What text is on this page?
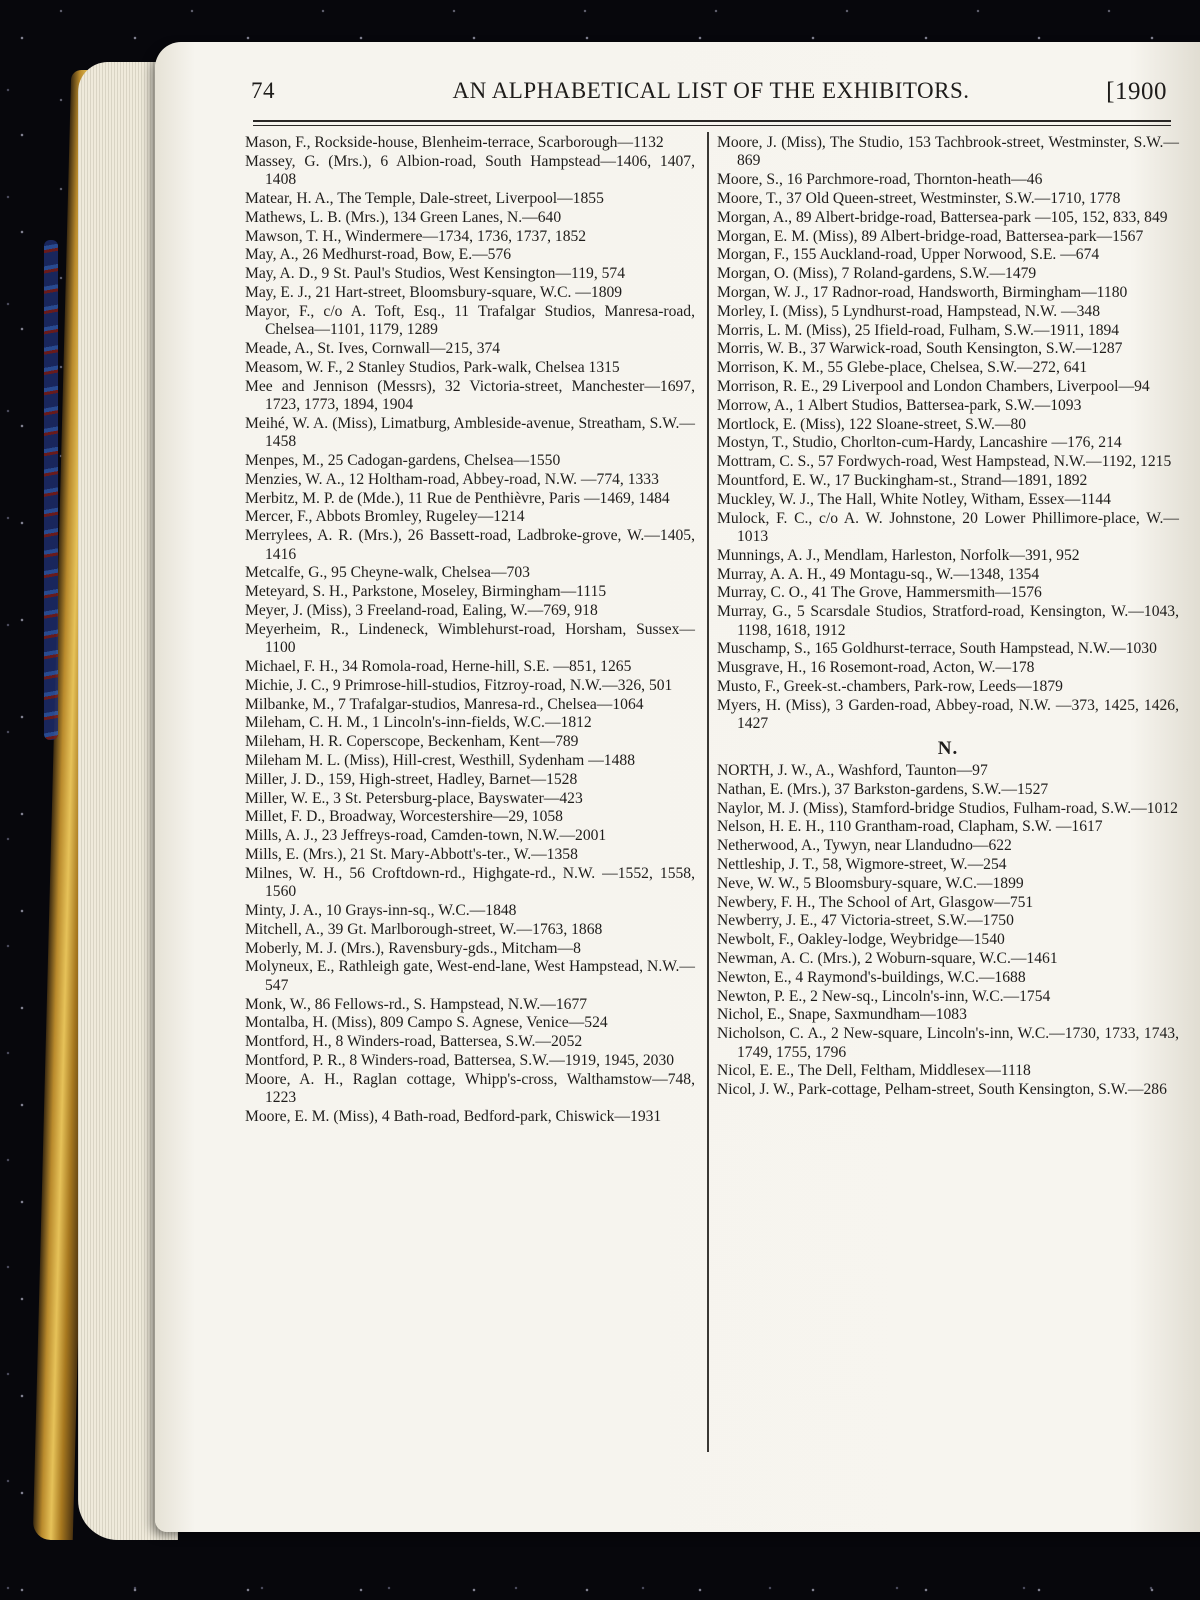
74	AN ALPHABETICAL LIST OF THE EXHIBITORS.	[1900

Mason, F., Rockside-house, Blenheim-terrace, Scarborough—1132

Massey, G. (Mrs.), 6 Albion-road, South Hampstead—1406, 1407, 1408

Matear, H. A., The Temple, Dale-street, Liverpool—1855

Mathews, L. B. (Mrs.), 134 Green Lanes, N.—640

Mawson, T. H., Windermere—1734, 1736, 1737, 1852

May, A., 26 Medhurst-road, Bow, E.—576

May, A. D., 9 St. Paul's Studios, West Kensington—119, 574

May, E. J., 21 Hart-street, Bloomsbury-square, W.C. —1809

Mayor, F., c/o A. Toft, Esq., 11 Trafalgar Studios, Manresa-road, Chelsea—1101, 1179, 1289

Meade, A., St. Ives, Cornwall—215, 374

Measom, W. F., 2 Stanley Studios, Park-walk, Chelsea 1315

Mee and Jennison (Messrs), 32 Victoria-street, Manchester—1697, 1723, 1773, 1894, 1904

Meihé, W. A. (Miss), Limatburg, Ambleside-avenue, Streatham, S.W.—1458

Menpes, M., 25 Cadogan-gardens, Chelsea—1550

Menzies, W. A., 12 Holtham-road, Abbey-road, N.W. —774, 1333

Merbitz, M. P. de (Mde.), 11 Rue de Penthièvre, Paris —1469, 1484

Mercer, F., Abbots Bromley, Rugeley—1214

Merrylees, A. R. (Mrs.), 26 Bassett-road, Ladbroke-grove, W.—1405, 1416

Metcalfe, G., 95 Cheyne-walk, Chelsea—703

Meteyard, S. H., Parkstone, Moseley, Birmingham—1115

Meyer, J. (Miss), 3 Freeland-road, Ealing, W.—769, 918

Meyerheim, R., Lindeneck, Wimblehurst-road, Horsham, Sussex—1100

Michael, F. H., 34 Romola-road, Herne-hill, S.E. —851, 1265

Michie, J. C., 9 Primrose-hill-studios, Fitzroy-road, N.W.—326, 501

Milbanke, M., 7 Trafalgar-studios, Manresa-rd., Chelsea—1064

Mileham, C. H. M., 1 Lincoln's-inn-fields, W.C.—1812

Mileham, H. R. Coperscope, Beckenham, Kent—789

Mileham M. L. (Miss), Hill-crest, Westhill, Sydenham —1488

Miller, J. D., 159, High-street, Hadley, Barnet—1528

Miller, W. E., 3 St. Petersburg-place, Bayswater—423

Millet, F. D., Broadway, Worcestershire—29, 1058

Mills, A. J., 23 Jeffreys-road, Camden-town, N.W.—2001

Mills, E. (Mrs.), 21 St. Mary-Abbott's-ter., W.—1358

Milnes, W. H., 56 Croftdown-rd., Highgate-rd., N.W. —1552, 1558, 1560

Minty, J. A., 10 Grays-inn-sq., W.C.—1848

Mitchell, A., 39 Gt. Marlborough-street, W.—1763, 1868

Moberly, M. J. (Mrs.), Ravensbury-gds., Mitcham—8

Molyneux, E., Rathleigh gate, West-end-lane, West Hampstead, N.W.—547

Monk, W., 86 Fellows-rd., S. Hampstead, N.W.—1677

Montalba, H. (Miss), 809 Campo S. Agnese, Venice—524

Montford, H., 8 Winders-road, Battersea, S.W.—2052

Montford, P. R., 8 Winders-road, Battersea, S.W.—1919, 1945, 2030

Moore, A. H., Raglan cottage, Whipp's-cross, Walthamstow—748, 1223

Moore, E. M. (Miss), 4 Bath-road, Bedford-park, Chiswick—1931

Moore, J. (Miss), The Studio, 153 Tachbrook-street, Westminster, S.W.—869

Moore, S., 16 Parchmore-road, Thornton-heath—46

Moore, T., 37 Old Queen-street, Westminster, S.W.—1710, 1778

Morgan, A., 89 Albert-bridge-road, Battersea-park —105, 152, 833, 849

Morgan, E. M. (Miss), 89 Albert-bridge-road, Battersea-park—1567

Morgan, F., 155 Auckland-road, Upper Norwood, S.E. —674

Morgan, O. (Miss), 7 Roland-gardens, S.W.—1479

Morgan, W. J., 17 Radnor-road, Handsworth, Birmingham—1180

Morley, I. (Miss), 5 Lyndhurst-road, Hampstead, N.W. —348

Morris, L. M. (Miss), 25 Ifield-road, Fulham, S.W.—1911, 1894

Morris, W. B., 37 Warwick-road, South Kensington, S.W.—1287

Morrison, K. M., 55 Glebe-place, Chelsea, S.W.—272, 641

Morrison, R. E., 29 Liverpool and London Chambers, Liverpool—94

Morrow, A., 1 Albert Studios, Battersea-park, S.W.—1093

Mortlock, E. (Miss), 122 Sloane-street, S.W.—80

Mostyn, T., Studio, Chorlton-cum-Hardy, Lancashire —176, 214

Mottram, C. S., 57 Fordwych-road, West Hampstead, N.W.—1192, 1215

Mountford, E. W., 17 Buckingham-st., Strand—1891, 1892

Muckley, W. J., The Hall, White Notley, Witham, Essex—1144

Mulock, F. C., c/o A. W. Johnstone, 20 Lower Phillimore-place, W.—1013

Munnings, A. J., Mendlam, Harleston, Norfolk—391, 952

Murray, A. A. H., 49 Montagu-sq., W.—1348, 1354

Murray, C. O., 41 The Grove, Hammersmith—1576

Murray, G., 5 Scarsdale Studios, Stratford-road, Kensington, W.—1043, 1198, 1618, 1912

Muschamp, S., 165 Goldhurst-terrace, South Hampstead, N.W.—1030

Musgrave, H., 16 Rosemont-road, Acton, W.—178

Musto, F., Greek-st.-chambers, Park-row, Leeds—1879

Myers, H. (Miss), 3 Garden-road, Abbey-road, N.W. —373, 1425, 1426, 1427

N.

NORTH, J. W., A., Washford, Taunton—97

Nathan, E. (Mrs.), 37 Barkston-gardens, S.W.—1527

Naylor, M. J. (Miss), Stamford-bridge Studios, Fulham-road, S.W.—1012

Nelson, H. E. H., 110 Grantham-road, Clapham, S.W. —1617

Netherwood, A., Tywyn, near Llandudno—622

Nettleship, J. T., 58, Wigmore-street, W.—254

Neve, W. W., 5 Bloomsbury-square, W.C.—1899

Newbery, F. H., The School of Art, Glasgow—751

Newberry, J. E., 47 Victoria-street, S.W.—1750

Newbolt, F., Oakley-lodge, Weybridge—1540

Newman, A. C. (Mrs.), 2 Woburn-square, W.C.—1461

Newton, E., 4 Raymond's-buildings, W.C.—1688

Newton, P. E., 2 New-sq., Lincoln's-inn, W.C.—1754

Nichol, E., Snape, Saxmundham—1083

Nicholson, C. A., 2 New-square, Lincoln's-inn, W.C.—1730, 1733, 1743, 1749, 1755, 1796

Nicol, E. E., The Dell, Feltham, Middlesex—1118

Nicol, J. W., Park-cottage, Pelham-street, South Kensington, S.W.—286
